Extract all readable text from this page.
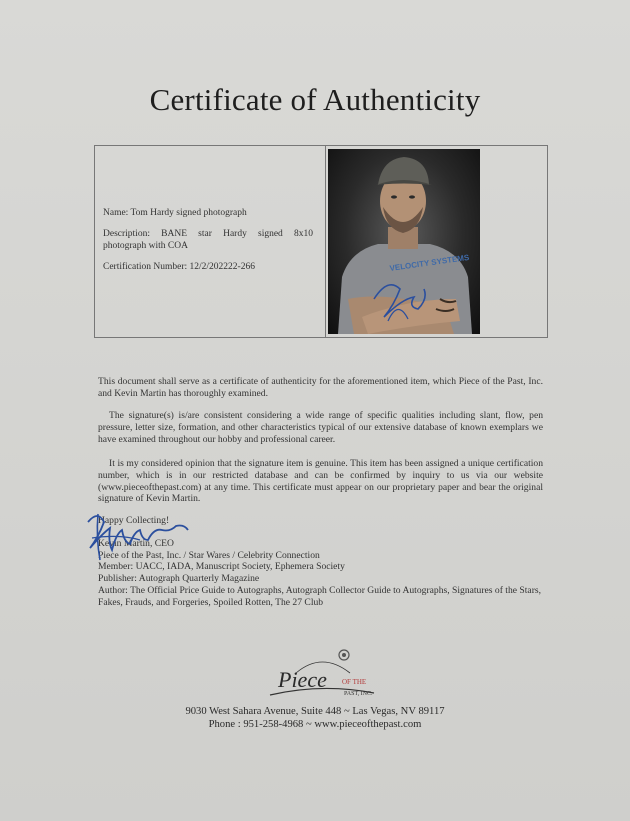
Certificate of Authenticity

Name: Tom Hardy signed photograph

Description: BANE star Hardy signed 8x10 photograph with COA

Certification Number: 12/2/202222-266	VELOCITY SYSTEMS
This document shall serve as a certificate of authenticity for the aforementioned item, which Piece of the Past, Inc. and Kevin Martin has thoroughly examined.
The signature(s) is/are consistent considering a wide range of specific qualities including slant, flow, pen pressure, letter size, formation, and other characteristics typical of our extensive database of known exemplars we have examined throughout our hobby and professional career.
It is my considered opinion that the signature item is genuine. This item has been assigned a unique certification number, which is in our restricted database and can be confirmed by inquiry to us via our website (www.pieceofthepast.com) at any time. This certificate must appear on our proprietary paper and bear the original signature of Kevin Martin.
Happy Collecting!
Kevin Martin, CEO
Piece of the Past, Inc. / Star Wares / Celebrity Connection
Member: UACC, IADA, Manuscript Society, Ephemera Society
Publisher: Autograph Quarterly Magazine
Author: The Official Price Guide to Autographs, Autograph Collector Guide to Autographs, Signatures of the Stars, Fakes, Frauds, and Forgeries, Spoiled Rotten, The 27 Club
Piece OF THE
PAST, INC.
9030 West Sahara Avenue, Suite 448 ~ Las Vegas, NV 89117
Phone : 951-258-4968 ~ www.pieceofthepast.com
